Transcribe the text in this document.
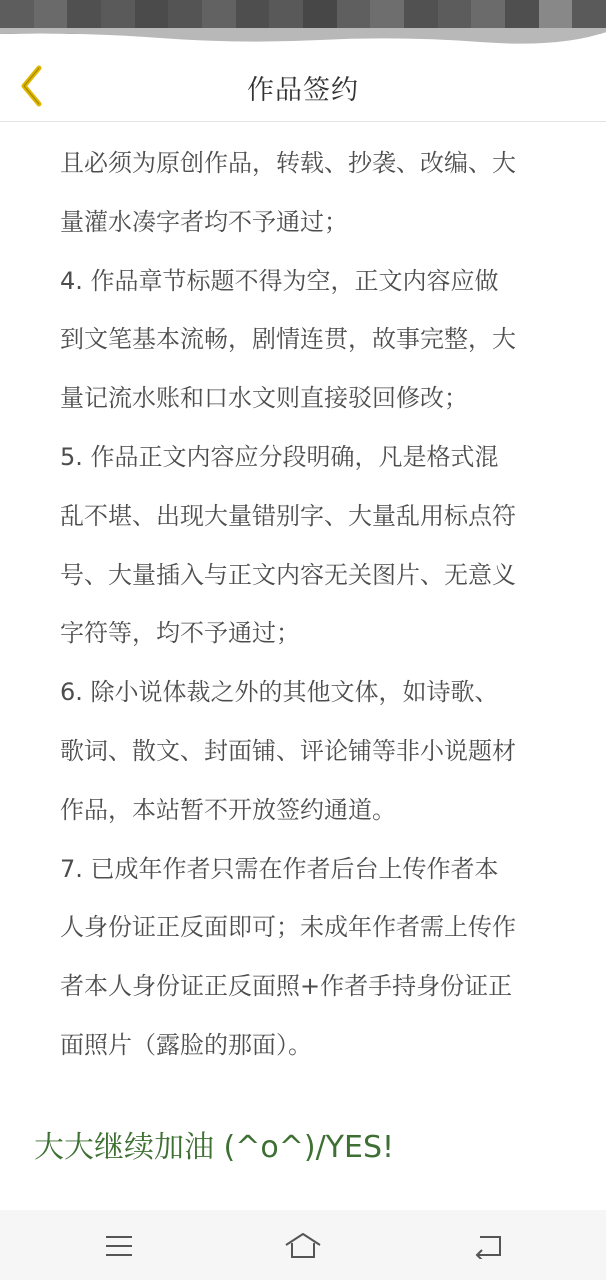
作品签约

且必须为原创作品，转载、抄袭、改编、大

量灌水凑字者均不予通过；

4. 作品章节标题不得为空，正文内容应做

到文笔基本流畅，剧情连贯，故事完整，大

量记流水账和口水文则直接驳回修改；

5. 作品正文内容应分段明确，凡是格式混

乱不堪、出现大量错别字、大量乱用标点符

号、大量插入与正文内容无关图片、无意义

字符等，均不予通过；

6. 除小说体裁之外的其他文体，如诗歌、

歌词、散文、封面铺、评论铺等非小说题材

作品，本站暂不开放签约通道。

7. 已成年作者只需在作者后台上传作者本

人身份证正反面即可；未成年作者需上传作

者本人身份证正反面照+作者手持身份证正

面照片（露脸的那面）。

大大继续加油 (^o^)/YES!
